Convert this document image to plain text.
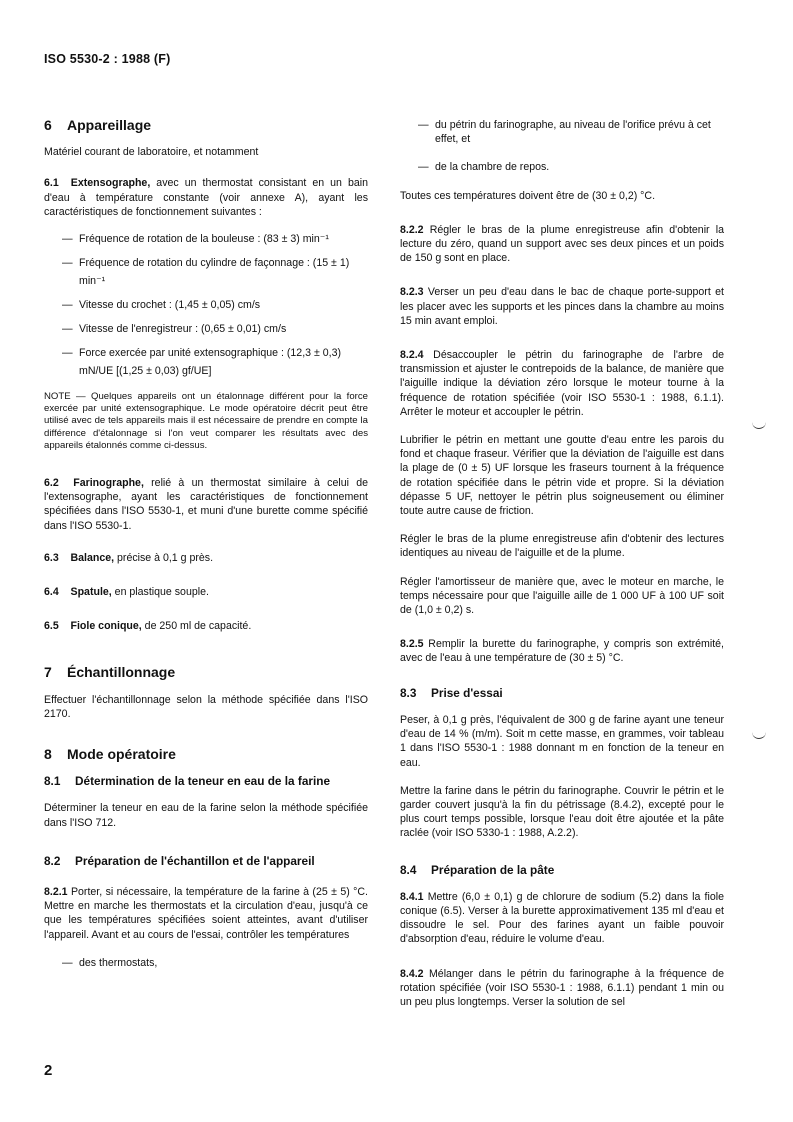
ISO 5530-2 : 1988 (F)
6 Appareillage

Matériel courant de laboratoire, et notamment

6.1 Extensographe, avec un thermostat consistant en un bain d'eau à température constante (voir annexe A), ayant les caractéristiques de fonctionnement suivantes :

— Fréquence de rotation de la bouleuse : (83 ± 3) min⁻¹

— Fréquence de rotation du cylindre de façonnage : (15 ± 1) min⁻¹

— Vitesse du crochet : (1,45 ± 0,05) cm/s

— Vitesse de l'enregistreur : (0,65 ± 0,01) cm/s

— Force exercée par unité extensographique : (12,3 ± 0,3) mN/UE [(1,25 ± 0,03) gf/UE]

NOTE — Quelques appareils ont un étalonnage différent pour la force exercée par unité extensographique. Le mode opératoire décrit peut être utilisé avec de tels appareils mais il est nécessaire de prendre en compte la différence d'étalonnage si l'on veut comparer les résultats avec des appareils étalonnés comme ci-dessus.

6.2 Farinographe, relié à un thermostat similaire à celui de l'extensographe, ayant les caractéristiques de fonctionnement spécifiées dans l'ISO 5530-1, et muni d'une burette comme spécifié dans l'ISO 5530-1.

6.3 Balance, précise à 0,1 g près.

6.4 Spatule, en plastique souple.

6.5 Fiole conique, de 250 ml de capacité.

7 Échantillonnage

Effectuer l'échantillonnage selon la méthode spécifiée dans l'ISO 2170.

8 Mode opératoire
8.1 Détermination de la teneur en eau de la farine

Déterminer la teneur en eau de la farine selon la méthode spécifiée dans l'ISO 712.

8.2 Préparation de l'échantillon et de l'appareil

8.2.1 Porter, si nécessaire, la température de la farine à (25 ± 5) °C. Mettre en marche les thermostats et la circulation d'eau, jusqu'à ce que les températures spécifiées soient atteintes, avant d'utiliser l'appareil. Avant et au cours de l'essai, contrôler les températures

— des thermostats,

— du pétrin du farinographe, au niveau de l'orifice prévu à cet effet, et

— de la chambre de repos.

Toutes ces températures doivent être de (30 ± 0,2) °C.

8.2.2 Régler le bras de la plume enregistreuse afin d'obtenir la lecture du zéro, quand un support avec ses deux pinces et un poids de 150 g sont en place.

8.2.3 Verser un peu d'eau dans le bac de chaque porte-support et les placer avec les supports et les pinces dans la chambre au moins 15 min avant emploi.

8.2.4 Désaccoupler le pétrin du farinographe de l'arbre de transmission et ajuster le contrepoids de la balance, de manière que l'aiguille indique la déviation zéro lorsque le moteur tourne à la fréquence de rotation spécifiée (voir ISO 5530-1 : 1988, 6.1.1). Arrêter le moteur et accoupler le pétrin.

Lubrifier le pétrin en mettant une goutte d'eau entre les parois du fond et chaque fraseur. Vérifier que la déviation de l'aiguille est dans la plage de (0 ± 5) UF lorsque les fraseurs tournent à la fréquence de rotation spécifiée dans le pétrin vide et propre. Si la déviation dépasse 5 UF, nettoyer le pétrin plus soigneusement ou éliminer toute autre cause de friction.

Régler le bras de la plume enregistreuse afin d'obtenir des lectures identiques au niveau de l'aiguille et de la plume.

Régler l'amortisseur de manière que, avec le moteur en marche, le temps nécessaire pour que l'aiguille aille de 1 000 UF à 100 UF soit de (1,0 ± 0,2) s.

8.2.5 Remplir la burette du farinographe, y compris son extrémité, avec de l'eau à une température de (30 ± 5) °C.

8.3 Prise d'essai

Peser, à 0,1 g près, l'équivalent de 300 g de farine ayant une teneur d'eau de 14 % (m/m). Soit m cette masse, en grammes, voir tableau 1 dans l'ISO 5530-1 : 1988 donnant m en fonction de la teneur en eau.

Mettre la farine dans le pétrin du farinographe. Couvrir le pétrin et le garder couvert jusqu'à la fin du pétrissage (8.4.2), excepté pour le plus court temps possible, lorsque l'eau doit être ajoutée et la pâte raclée (voir ISO 5330-1 : 1988, A.2.2).

8.4 Préparation de la pâte

8.4.1 Mettre (6,0 ± 0,1) g de chlorure de sodium (5.2) dans la fiole conique (6.5). Verser à la burette approximativement 135 ml d'eau et dissoudre le sel. Pour des farines ayant un faible pouvoir d'absorption d'eau, réduire le volume d'eau.

8.4.2 Mélanger dans le pétrin du farinographe à la fréquence de rotation spécifiée (voir ISO 5530-1 : 1988, 6.1.1) pendant 1 min ou un peu plus longtemps. Verser la solution de sel

2
